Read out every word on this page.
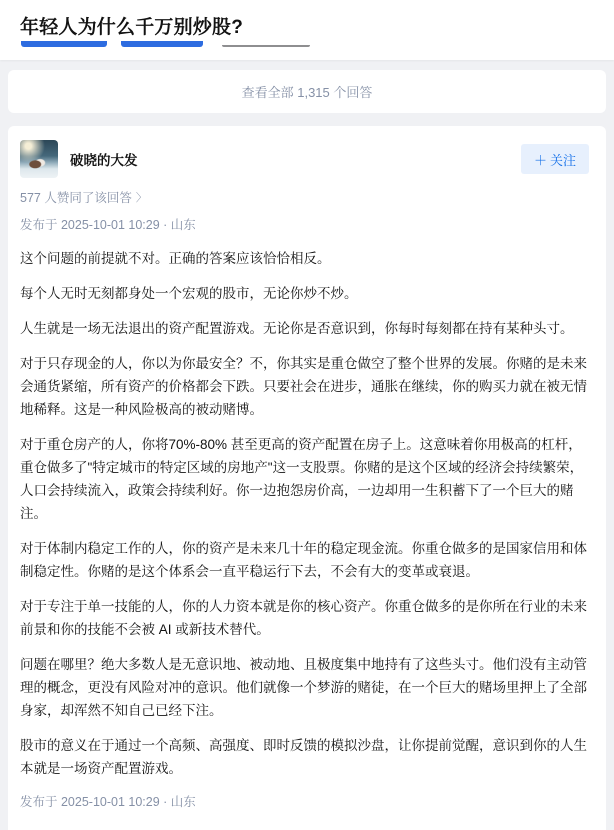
年轻人为什么千万别炒股?
查看全部 1,315 个回答
破晓的大发	＋ 关注
577 人赞同了该回答 〉
发布于 2025-10-01 10:29 · 山东

这个问题的前提就不对。正确的答案应该恰恰相反。

每个人无时无刻都身处一个宏观的股市，无论你炒不炒。

人生就是一场无法退出的资产配置游戏。无论你是否意识到，你每时每刻都在持有某种头寸。

对于只存现金的人，你以为你最安全？不，你其实是重仓做空了整个世界的发展。你赌的是未来会通货紧缩，所有资产的价格都会下跌。只要社会在进步，通胀在继续，你的购买力就在被无情地稀释。这是一种风险极高的被动赌博。

对于重仓房产的人，你将70%-80% 甚至更高的资产配置在房子上。这意味着你用极高的杠杆，重仓做多了"特定城市的特定区域的房地产"这一支股票。你赌的是这个区域的经济会持续繁荣，人口会持续流入，政策会持续利好。你一边抱怨房价高，一边却用一生积蓄下了一个巨大的赌注。

对于体制内稳定工作的人，你的资产是未来几十年的稳定现金流。你重仓做多的是国家信用和体制稳定性。你赌的是这个体系会一直平稳运行下去，不会有大的变革或衰退。

对于专注于单一技能的人，你的人力资本就是你的核心资产。你重仓做多的是你所在行业的未来前景和你的技能不会被 AI 或新技术替代。

问题在哪里？绝大多数人是无意识地、被动地、且极度集中地持有了这些头寸。他们没有主动管理的概念，更没有风险对冲的意识。他们就像一个梦游的赌徒，在一个巨大的赌场里押上了全部身家，却浑然不知自己已经下注。

股市的意义在于通过一个高频、高强度、即时反馈的模拟沙盘，让你提前觉醒，意识到你的人生本就是一场资产配置游戏。

发布于 2025-10-01 10:29 · 山东
